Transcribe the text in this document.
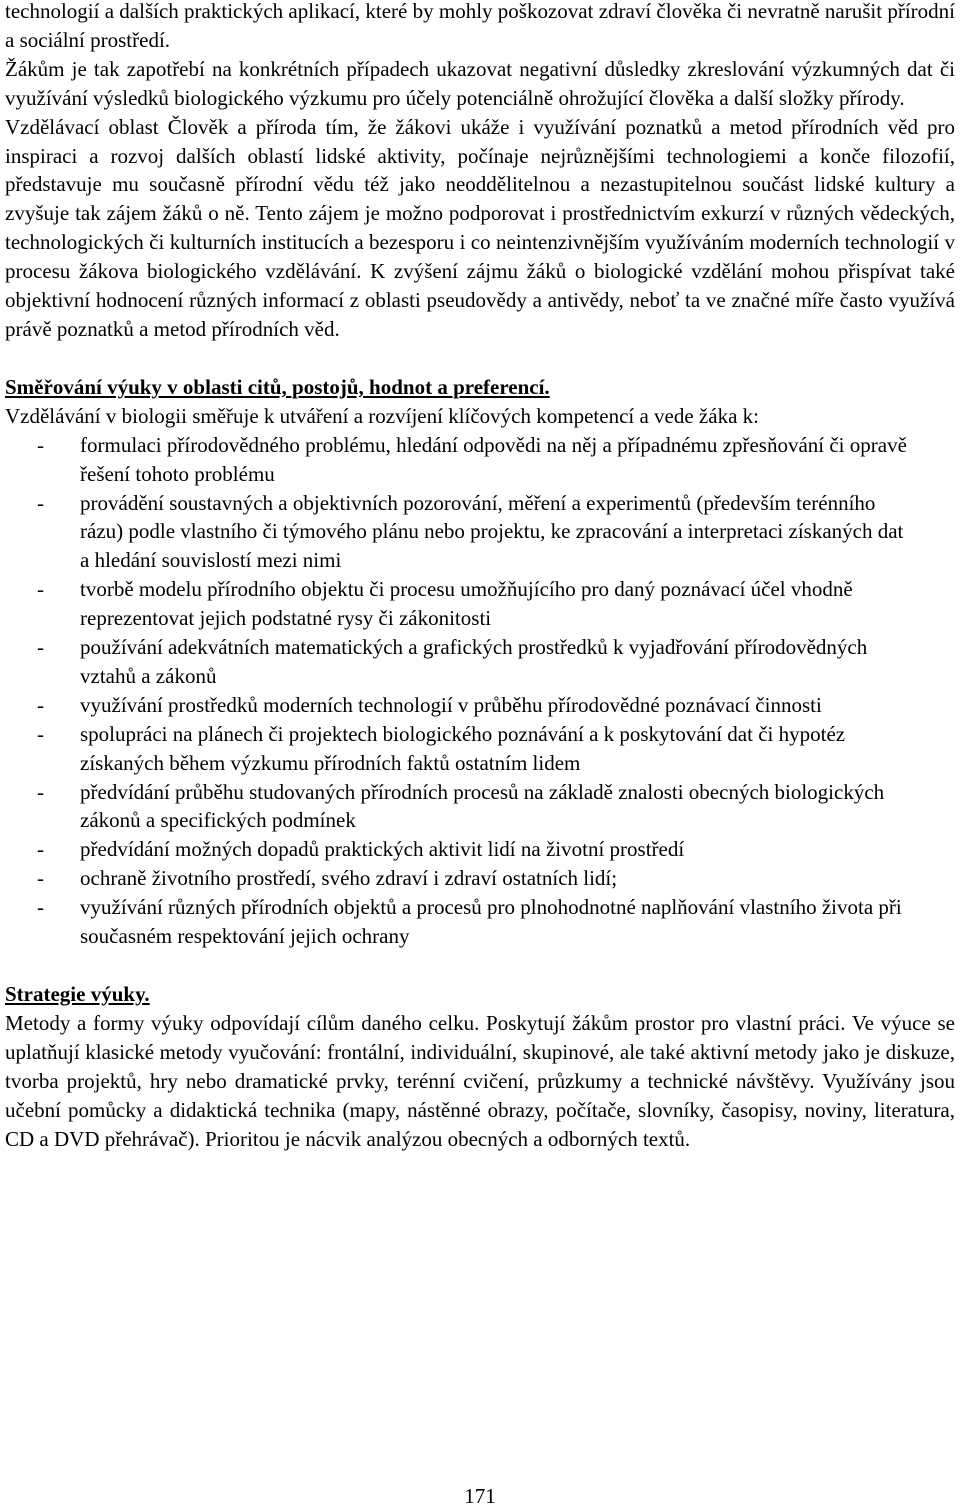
technologií a dalších praktických aplikací, které by mohly poškozovat zdraví člověka či nevratně narušit přírodní a sociální prostředí.

Žákům je tak zapotřebí na konkrétních případech ukazovat negativní důsledky zkreslování výzkumných dat či využívání výsledků biologického výzkumu pro účely potenciálně ohrožující člověka a další složky přírody.

Vzdělávací oblast Člověk a příroda tím, že žákovi ukáže i využívání poznatků a metod přírodních věd pro inspiraci a rozvoj dalších oblastí lidské aktivity, počínaje nejrůznějšími technologiemi a konče filozofií, představuje mu současně přírodní vědu též jako neoddělitelnou a nezastupitelnou součást lidské kultury a zvyšuje tak zájem žáků o ně. Tento zájem je možno podporovat i prostřednictvím exkurzí v různých vědeckých, technologických či kulturních institucích a bezesporu i co neintenzivnějším využíváním moderních technologií v procesu žákova biologického vzdělávání. K zvýšení zájmu žáků o biologické vzdělání mohou přispívat také objektivní hodnocení různých informací z oblasti pseudovědy a antivědy, neboť ta ve značné míře často využívá právě poznatků a metod přírodních věd.

Směřování výuky v oblasti citů, postojů, hodnot a preferencí.

Vzdělávání v biologii směřuje k utváření a rozvíjení klíčových kompetencí a vede žáka k:

- formulaci přírodovědného problému, hledání odpovědi na něj a případnému zpřesňování či opravě řešení tohoto problému
- provádění soustavných a objektivních pozorování, měření a experimentů (především terénního rázu) podle vlastního či týmového plánu nebo projektu, ke zpracování a interpretaci získaných dat a hledání souvislostí mezi nimi
- tvorbě modelu přírodního objektu či procesu umožňujícího pro daný poznávací účel vhodně reprezentovat jejich podstatné rysy či zákonitosti
- používání adekvátních matematických a grafických prostředků k vyjadřování přírodovědných vztahů a zákonů
- využívání prostředků moderních technologií v průběhu přírodovědné poznávací činnosti
- spolupráci na plánech či projektech biologického poznávání a k poskytování dat či hypotéz získaných během výzkumu přírodních faktů ostatním lidem
- předvídání průběhu studovaných přírodních procesů na základě znalosti obecných biologických zákonů a specifických podmínek
- předvídání možných dopadů praktických aktivit lidí na životní prostředí
- ochraně životního prostředí, svého zdraví i zdraví ostatních lidí;
- využívání různých přírodních objektů a procesů pro plnohodnotné naplňování vlastního života při současném respektování jejich ochrany

Strategie výuky.

Metody a formy výuky odpovídají cílům daného celku. Poskytují žákům prostor pro vlastní práci. Ve výuce se uplatňují klasické metody vyučování: frontální, individuální, skupinové, ale také aktivní metody jako je diskuze, tvorba projektů, hry nebo dramatické prvky, terénní cvičení, průzkumy a technické návštěvy. Využívány jsou učební pomůcky a didaktická technika (mapy, nástěnné obrazy, počítače, slovníky, časopisy, noviny, literatura, CD a DVD přehrávač). Prioritou je nácvik analýzou obecných a odborných textů.

171
